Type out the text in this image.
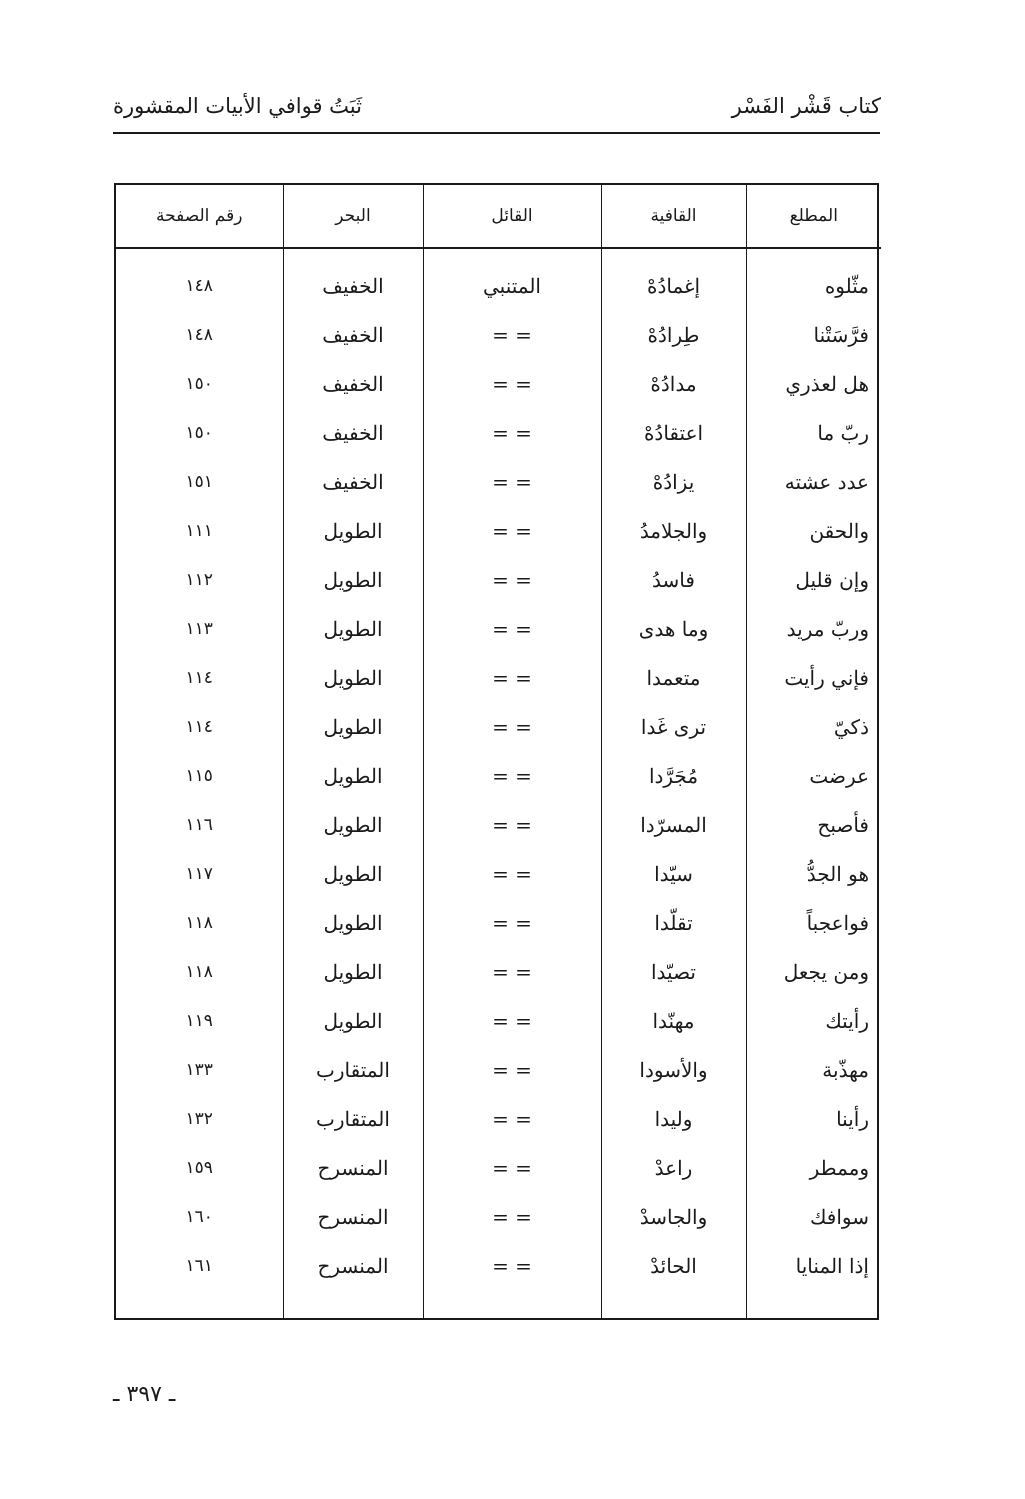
كتاب قَشْر الفَسْر
ثَبَتُ قوافي الأبيات المقشورة
المطلع	القافية	القائل	البحر	رقم الصفحة

مثّلوه	إغمادُهْ	المتنبي	الخفيف	١٤٨
فرَّسَتْنا	طِرادُهْ	= =	الخفيف	١٤٨
هل لعذري	مدادُهْ	= =	الخفيف	١٥٠
ربّ ما	اعتقادُهْ	= =	الخفيف	١٥٠
عدد عشته	يزادُهْ	= =	الخفيف	١٥١
والحقن	والجلامدُ	= =	الطويل	١١١
وإن قليل	فاسدُ	= =	الطويل	١١٢
وربّ مريد	وما هدى	= =	الطويل	١١٣
فإني رأيت	متعمدا	= =	الطويل	١١٤
ذكيّ	ترى غَدا	= =	الطويل	١١٤
عرضت	مُجَرَّدا	= =	الطويل	١١٥
فأصبح	المسرّدا	= =	الطويل	١١٦
هو الجدُّ	سيّدا	= =	الطويل	١١٧
فواعجباً	تقلّدا	= =	الطويل	١١٨
ومن يجعل	تصيّدا	= =	الطويل	١١٨
رأيتك	مهنّدا	= =	الطويل	١١٩
مهذّبة	والأسودا	= =	المتقارب	١٣٣
رأينا	وليدا	= =	المتقارب	١٣٢
وممطر	راعدْ	= =	المنسرح	١٥٩
سوافك	والجاسدْ	= =	المنسرح	١٦٠
إذا المنايا	الحائدْ	= =	المنسرح	١٦١

ـ ٣٩٧ ـ
